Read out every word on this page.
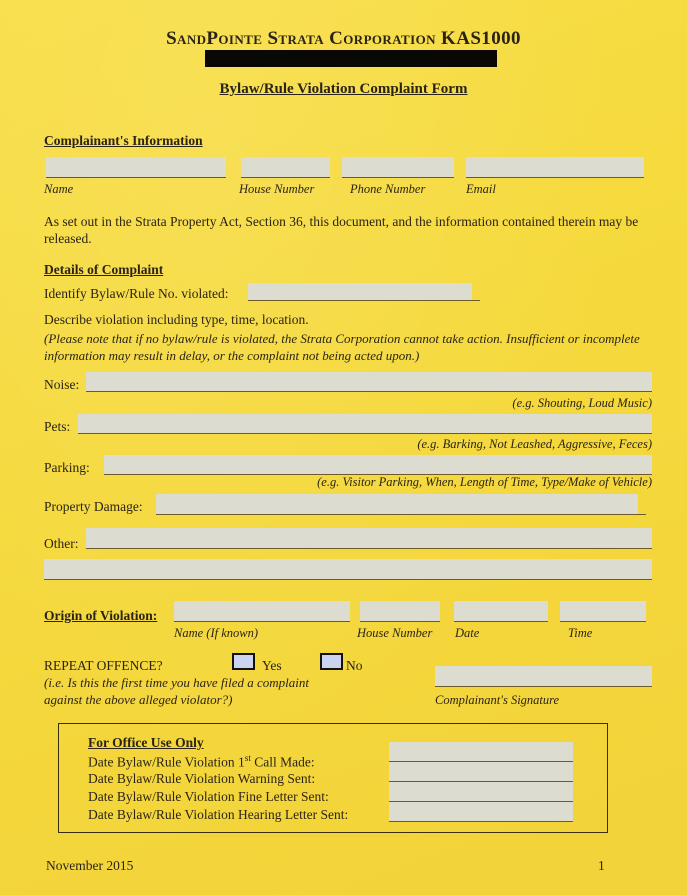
SandPointe Strata Corporation KAS1000
Bylaw/Rule Violation Complaint Form
Complainant's Information
Name	House Number	Phone Number	Email
As set out in the Strata Property Act, Section 36, this document, and the information contained therein may be released.
Details of Complaint
Identify Bylaw/Rule No. violated:
Describe violation including type, time, location.
(Please note that if no bylaw/rule is violated, the Strata Corporation cannot take action. Insufficient or incomplete information may result in delay, or the complaint not being acted upon.)
Noise:
(e.g. Shouting, Loud Music)
Pets:
(e.g. Barking, Not Leashed, Aggressive, Feces)
Parking:
(e.g. Visitor Parking, When, Length of Time, Type/Make of Vehicle)
Property Damage:
Other:
Origin of Violation:
Name (If known)	House Number Date	Time
REPEAT OFFENCE?	Yes	No
(i.e. Is this the first time you have filed a complaint
against the above alleged violator?)	Complainant's Signature
For Office Use Only
Date Bylaw/Rule Violation 1st Call Made:
Date Bylaw/Rule Violation Warning Sent:
Date Bylaw/Rule Violation Fine Letter Sent:
Date Bylaw/Rule Violation Hearing Letter Sent:
November 2015	1
